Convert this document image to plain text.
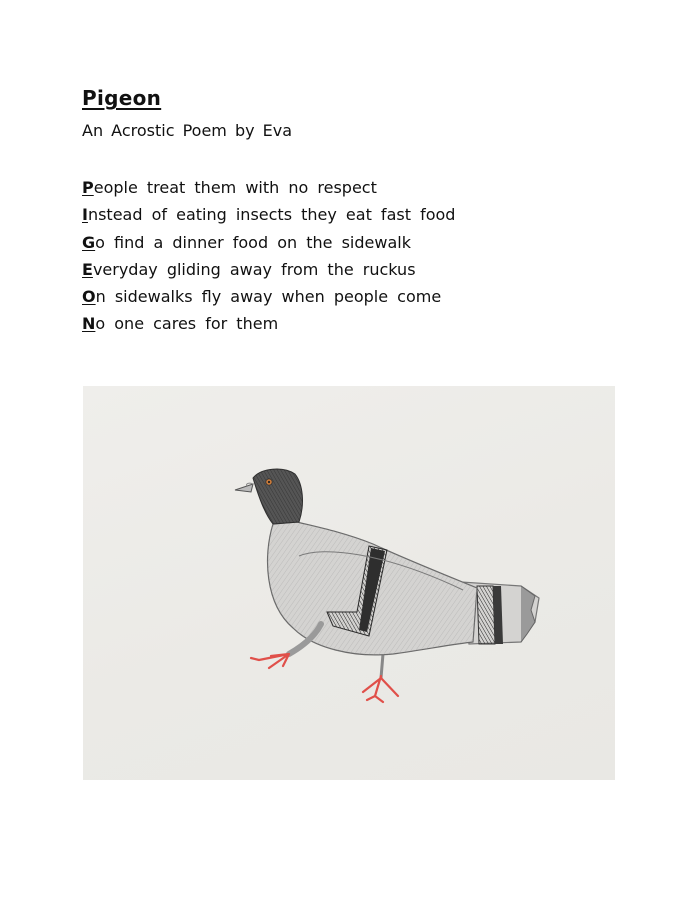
Pigeon
An Acrostic Poem by Eva
People treat them with no respect
Instead of eating insects they eat fast food
Go find a dinner food on the sidewalk
Everyday gliding away from the ruckus
On sidewalks fly away when people come
No one cares for them
